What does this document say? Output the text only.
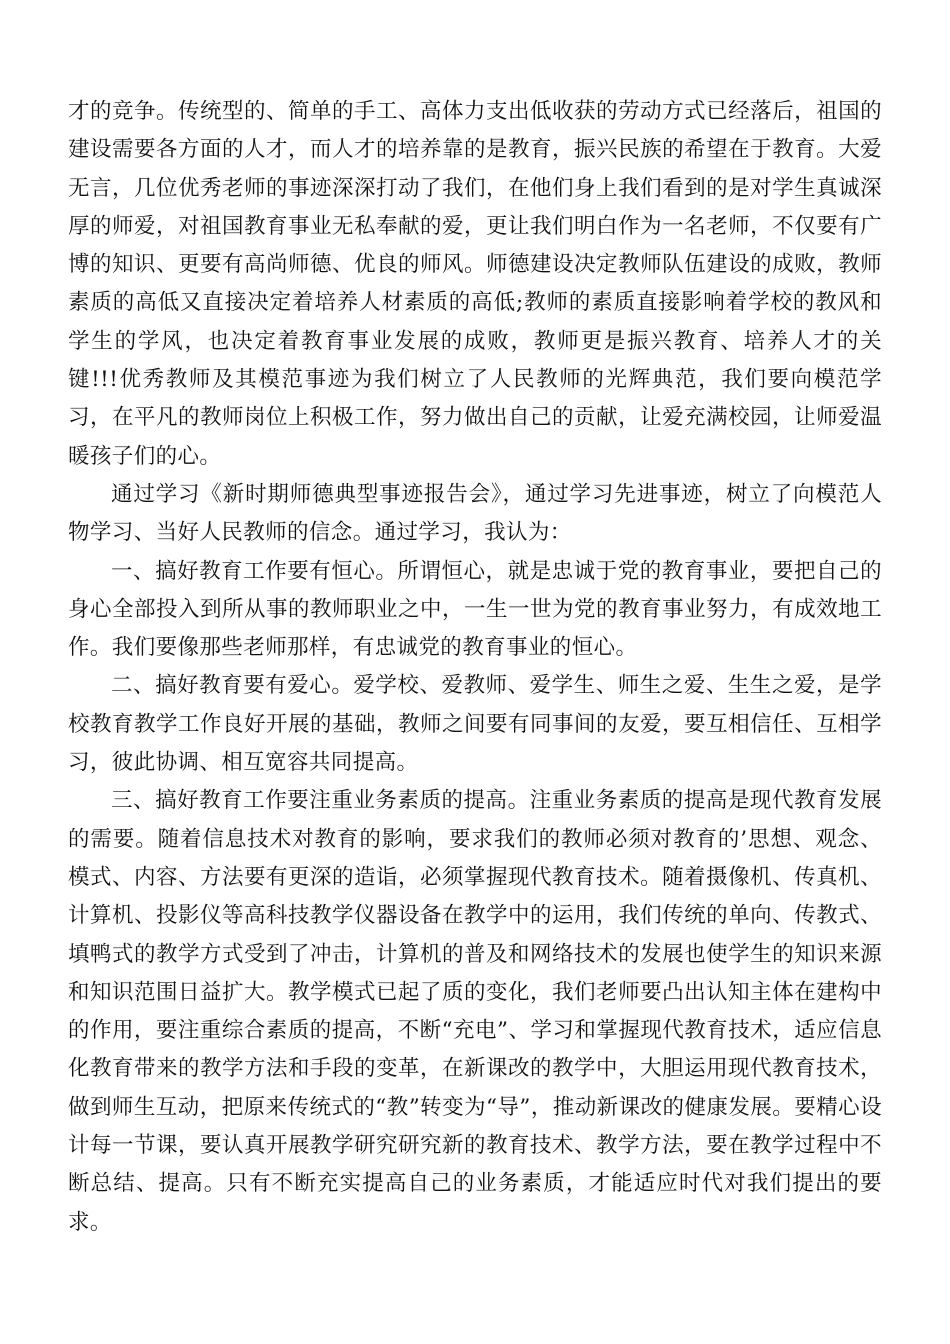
才的竞争。传统型的、简单的手工、高体力支出低收获的劳动方式已经落后，祖国的建设需要各方面的人才，而人才的培养靠的是教育，振兴民族的希望在于教育。大爱无言，几位优秀老师的事迹深深打动了我们，在他们身上我们看到的是对学生真诚深厚的师爱，对祖国教育事业无私奉献的爱，更让我们明白作为一名老师，不仅要有广博的知识、更要有高尚师德、优良的师风。师德建设决定教师队伍建设的成败，教师素质的高低又直接决定着培养人材素质的高低;教师的素质直接影响着学校的教风和学生的学风，也决定着教育事业发展的成败，教师更是振兴教育、培养人才的关键!!!优秀教师及其模范事迹为我们树立了人民教师的光辉典范，我们要向模范学习，在平凡的教师岗位上积极工作，努力做出自己的贡献，让爱充满校园，让师爱温暖孩子们的心。

通过学习《新时期师德典型事迹报告会》，通过学习先进事迹，树立了向模范人物学习、当好人民教师的信念。通过学习，我认为：

一、搞好教育工作要有恒心。所谓恒心，就是忠诚于党的教育事业，要把自己的身心全部投入到所从事的教师职业之中，一生一世为党的教育事业努力，有成效地工作。我们要像那些老师那样，有忠诚党的教育事业的恒心。

二、搞好教育要有爱心。爱学校、爱教师、爱学生、师生之爱、生生之爱，是学校教育教学工作良好开展的基础，教师之间要有同事间的友爱，要互相信任、互相学习，彼此协调、相互宽容共同提高。

三、搞好教育工作要注重业务素质的提高。注重业务素质的提高是现代教育发展的需要。随着信息技术对教育的影响，要求我们的教师必须对教育的’思想、观念、模式、内容、方法要有更深的造诣，必须掌握现代教育技术。随着摄像机、传真机、计算机、投影仪等高科技教学仪器设备在教学中的运用，我们传统的单向、传教式、填鸭式的教学方式受到了冲击，计算机的普及和网络技术的发展也使学生的知识来源和知识范围日益扩大。教学模式已起了质的变化，我们老师要凸出认知主体在建构中的作用，要注重综合素质的提高，不断“充电”、学习和掌握现代教育技术，适应信息化教育带来的教学方法和手段的变革，在新课改的教学中，大胆运用现代教育技术，做到师生互动，把原来传统式的“教”转变为“导”，推动新课改的健康发展。要精心设计每一节课，要认真开展教学研究研究新的教育技术、教学方法，要在教学过程中不断总结、提高。只有不断充实提高自己的业务素质，才能适应时代对我们提出的要求。
